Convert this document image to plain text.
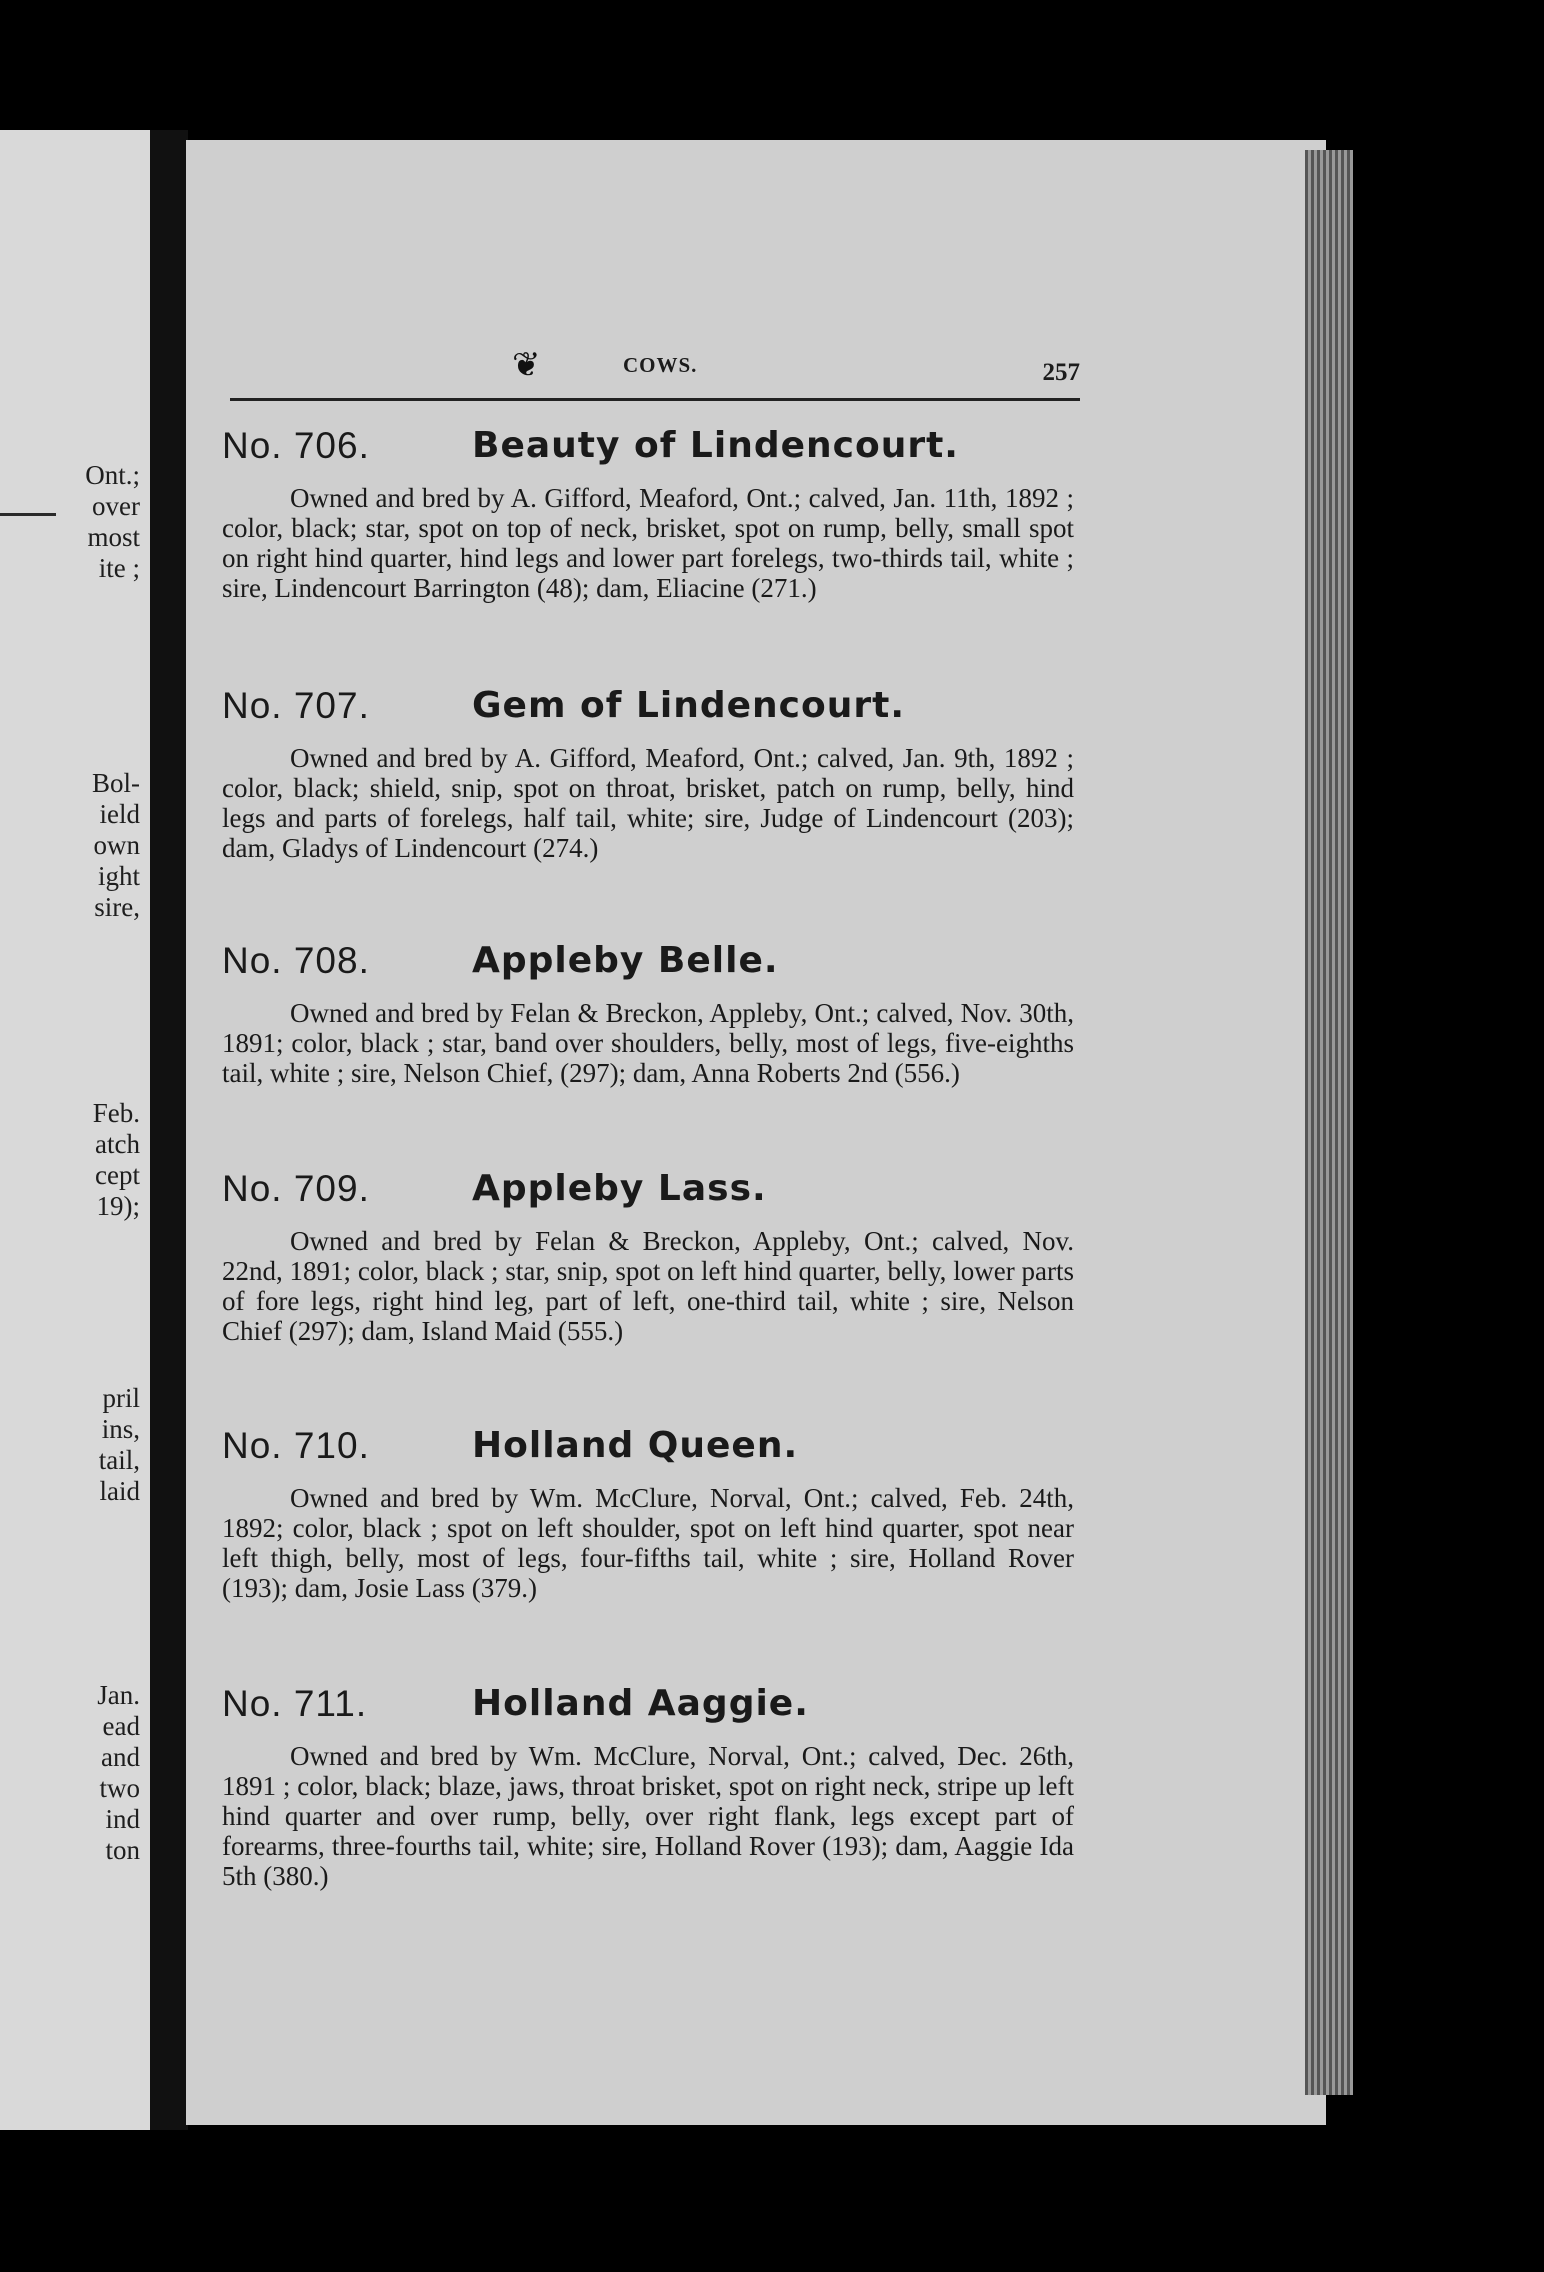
Ont.;
over
most
ite ;
Bol-
ield
own
ight
sire,
Feb.
atch
cept
19);
pril
ins,
tail,
laid
Jan.
ead
and
two
ind
ton
❦	COWS.	257
No. 706.	Beauty of Lindencourt.

Owned and bred by A. Gifford, Meaford, Ont.; calved, Jan. 11th, 1892 ; color, black; star, spot on top of neck, brisket, spot on rump, belly, small spot on right hind quarter, hind legs and lower part forelegs, two-thirds tail, white ; sire, Lindencourt Barrington (48); dam, Eliacine (271.)

No. 707.	Gem of Lindencourt.

Owned and bred by A. Gifford, Meaford, Ont.; calved, Jan. 9th, 1892 ; color, black; shield, snip, spot on throat, brisket, patch on rump, belly, hind legs and parts of forelegs, half tail, white; sire, Judge of Lindencourt (203); dam, Gladys of Lindencourt (274.)

No. 708.	Appleby Belle.

Owned and bred by Felan & Breckon, Appleby, Ont.; calved, Nov. 30th, 1891; color, black ; star, band over shoulders, belly, most of legs, five-eighths tail, white ; sire, Nelson Chief, (297); dam, Anna Roberts 2nd (556.)

No. 709.	Appleby Lass.

Owned and bred by Felan & Breckon, Appleby, Ont.; calved, Nov. 22nd, 1891; color, black ; star, snip, spot on left hind quarter, belly, lower parts of fore legs, right hind leg, part of left, one-third tail, white ; sire, Nelson Chief (297); dam, Island Maid (555.)

No. 710.	Holland Queen.

Owned and bred by Wm. McClure, Norval, Ont.; calved, Feb. 24th, 1892; color, black ; spot on left shoulder, spot on left hind quarter, spot near left thigh, belly, most of legs, four-fifths tail, white ; sire, Holland Rover (193); dam, Josie Lass (379.)

No. 711.	Holland Aaggie.

Owned and bred by Wm. McClure, Norval, Ont.; calved, Dec. 26th, 1891 ; color, black; blaze, jaws, throat brisket, spot on right neck, stripe up left hind quarter and over rump, belly, over right flank, legs except part of forearms, three-fourths tail, white; sire, Holland Rover (193); dam, Aaggie Ida 5th (380.)
